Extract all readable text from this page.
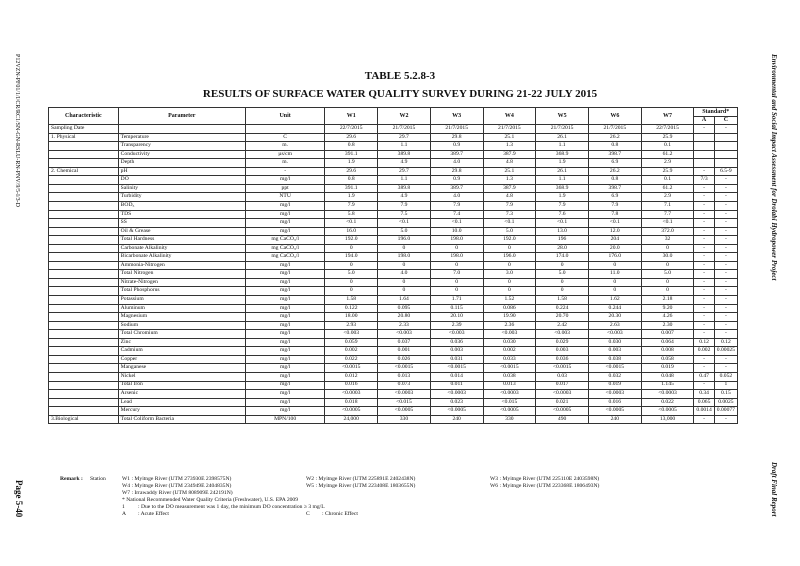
P12VZN-PF01/1/I/CR/RC1/SN-GN-RSLU-RN-PNV/9/5-I/3-D
Page 5-40
Environmental and Social Impact Assessment for Drolabi Hydropower Project
Draft Final Report
TABLE 5.2.8-3
RESULTS OF SURFACE WATER QUALITY SURVEY DURING 21-22 JULY 2015
Characteristic	Parameter	Unit	W1	W2	W3	W4	W5	W6	W7	Standard*	
										A	C
Sampling Date			22/7/2015	21/7/2015	21/7/2015	21/7/2015	21/7/2015	21/7/2015	22/7/2015	-	-
1. Physical	Temperature	C	29.6	29.7	29.8	25.1	26.1	26.2	25.9		
	Transparency	m.	0.8	1.1	0.9	1.3	1.1	0.8	0.1		
	Conductivity	µs/cm	391.1	389.8	389.7	387.9	368.9	398.7	61.2		
	Depth	m.	1.9	4.9	4.0	4.8	1.9	6.9	2.9		
2. Chemical	pH	-	29.6	29.7	29.8	25.1	26.1	26.2	25.9	-	6.5-9
	DO	mg/l	0.8	1.1	0.9	1.3	1.1	0.8	0.1	7/3	-
	Salinity	ppt	391.1	389.8	389.7	387.9	368.9	398.7	61.2	-	-
	Turbidity	NTU	1.9	4.9	4.0	4.8	1.9	6.9	2.9	-	-
	BOD₅	mg/l	7.9	7.9	7.9	7.9	7.9	7.9	7.1	-	-
	TDS	mg/l	5.8	7.5	7.4	7.3	7.6	7.8	7.7	-	-
	SS	mg/l	<0.1	<0.1	<0.1	<0.1	<0.1	<0.1	<0.1	-	-
	Oil & Grease	mg/l	16.0	5.0	10.0	5.0	13.0	12.0	372.0	-	-
	Total Hardness	mg CaCO₃/l	192.0	196.0	198.0	192.0	196	204	32	-	-
	Carbonate Alkalinity	mg CaCO₃/l	0	0	0	0	28.0	20.0	0	-	-
	Bicarbonate Alkalinity	mg CaCO₃/l	194.0	198.0	198.0	196.0	174.0	176.0	30.0	-	-
	Ammonia-Nitrogen	mg/l	0	0	0	0	0	0	0	-	-
	Total Nitrogen	mg/l	5.0	4.0	7.0	3.0	5.0	11.0	5.0	-	-
	Nitrate-Nitrogen	mg/l	0	0	0	0	0	0	0	-	-
	Total Phosphorus	mg/l	0	0	0	0	0	0	0	-	-
	Potassium	mg/l	1.58	1.64	1.71	1.52	1.58	1.62	2.18	-	-
	Aluminum	mg/l	0.122	0.095	0.115	0.086	0.224	0.244	9.20	-	-
	Magnesium	mg/l	18.00	20.80	20.10	19.90	20.70	20.30	4.26	-	-
	Sodium	mg/l	2.93	2.33	2.39	2.36	2.42	2.63	2.30	-	-
	Total Chromium	mg/l	<0.003	<0.003	<0.003	<0.003	<0.003	<0.003	0.007	-	-
	Zinc	mg/l	0.059	0.037	0.036	0.030	0.029	0.030	0.064	0.12	0.12
	Cadmium	mg/l	0.002	0.001	0.003	0.002	0.003	0.003	0.008	0.002	0.00025
	Copper	mg/l	0.022	0.026	0.031	0.033	0.036	0.038	0.058	-	-
	Manganese	mg/l	<0.0015	<0.0015	<0.0015	<0.0015	<0.0015	<0.0015	0.019	-	-
	Nickel	mg/l	0.012	0.013	0.014	0.038	0.03	0.032	0.048	0.47	0.052
	Total Iron	mg/l	0.016	0.073	0.011	0.013	0.017	0.019	1.145	-	1
	Arsenic	mg/l	<0.0003	<0.0003	<0.0003	<0.0003	<0.0003	<0.0003	<0.0003	0.34	0.15
	Lead	mg/l	0.018	<0.015	0.023	<0.015	0.021	0.016	0.022	0.065	0.0025
	Mercury	mg/l	<0.0005	<0.0005	<0.0005	<0.0005	<0.0005	<0.0005	<0.0005	0.0014	0.00077
3.Biological	Total Coliform Bacteria	MPN/100	24,000	330	240	330	490	240	13,000	-	-
Remark : Station	W1 : Myitnge River (UTM 273930E 2398575N)	W2 : Myitnge River (UTM 225891E 2402438N)	W3 : Myitnge River (UTM 225110E 2403598N)
W4 : Myitnge River (UTM 234949E 2404835N)	W5 : Myitnge River (UTM 223408E 1803655N)	W6 : Myitnge River (UTM 223368E 1806493N)
W7 : Irrawaddy River (UTM 808909E 242191N)
* National Recommended Water Quality Criteria (Freshwater), U.S. EPA 2009
1 : Due to the DO measurement was 1 day, the minimum DO concentration ≥ 3 mg/L
A : Acute Effect	C : Chronic Effect
